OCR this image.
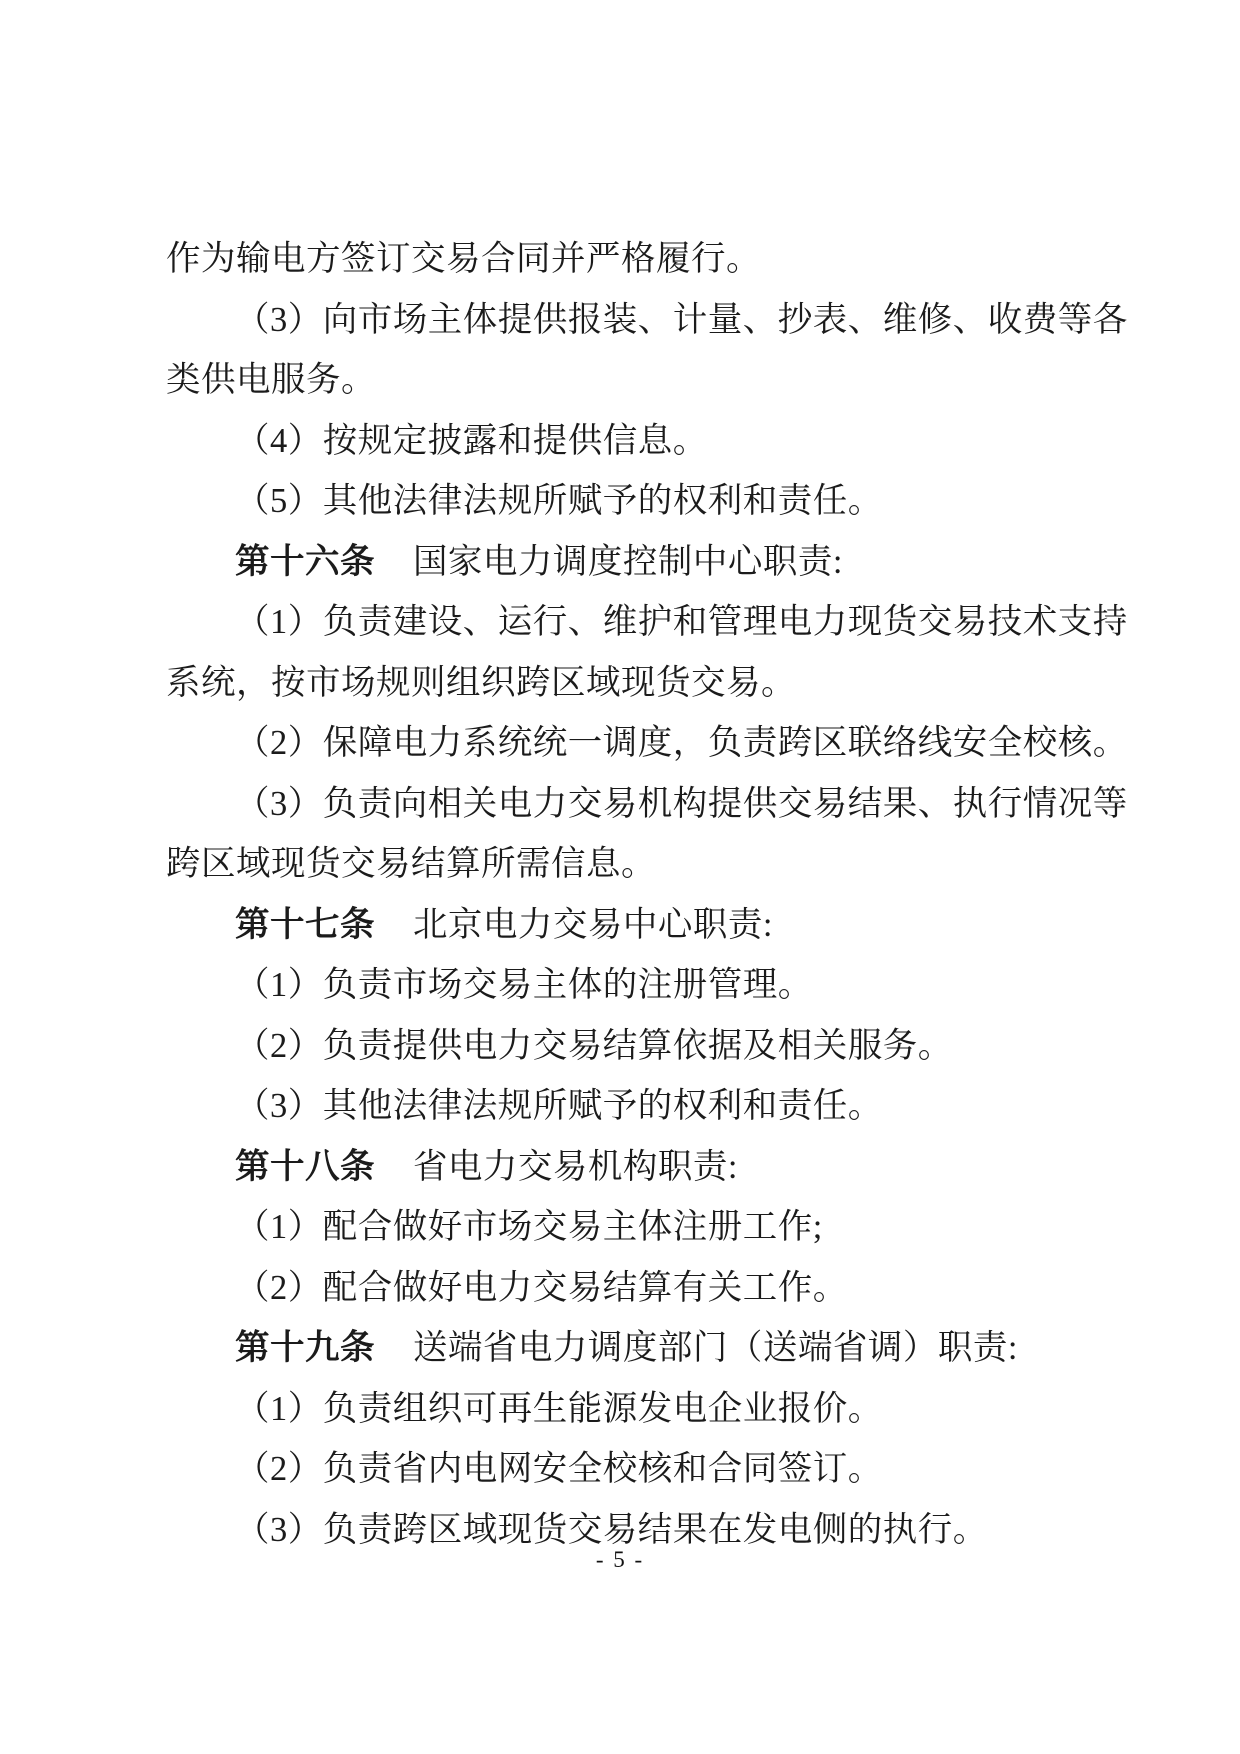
作为输电方签订交易合同并严格履行。
（3）向市场主体提供报装、计量、抄表、维修、收费等各
类供电服务。
（4）按规定披露和提供信息。
（5）其他法律法规所赋予的权利和责任。
第十六条 国家电力调度控制中心职责:
（1）负责建设、运行、维护和管理电力现货交易技术支持
系统，按市场规则组织跨区域现货交易。
（2）保障电力系统统一调度，负责跨区联络线安全校核。
（3）负责向相关电力交易机构提供交易结果、执行情况等
跨区域现货交易结算所需信息。
第十七条 北京电力交易中心职责:
（1）负责市场交易主体的注册管理。
（2）负责提供电力交易结算依据及相关服务。
（3）其他法律法规所赋予的权利和责任。
第十八条 省电力交易机构职责:
（1）配合做好市场交易主体注册工作;
（2）配合做好电力交易结算有关工作。
第十九条 送端省电力调度部门（送端省调）职责:
（1）负责组织可再生能源发电企业报价。
（2）负责省内电网安全校核和合同签订。
（3）负责跨区域现货交易结果在发电侧的执行。
- 5 -
